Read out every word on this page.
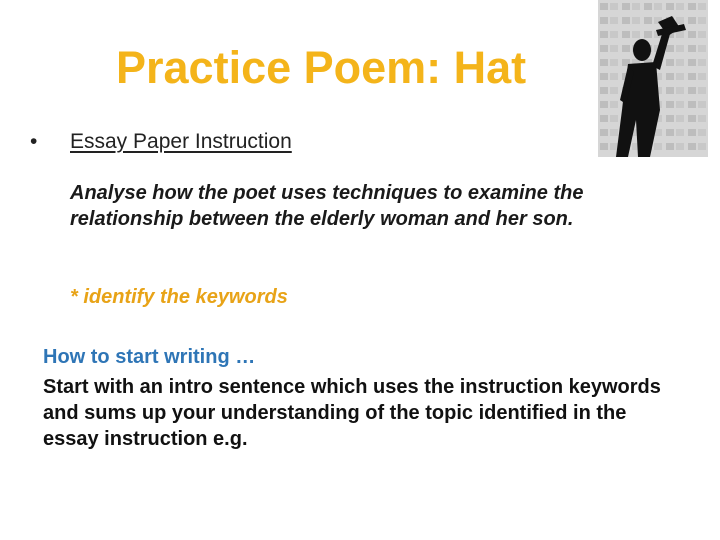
Practice Poem: Hat
• Essay Paper Instruction
Analyse how the poet uses techniques to examine the relationship between the elderly woman and her son.
* identify the keywords
How to start writing …
Start with an intro sentence which uses the instruction keywords and sums up your understanding of the topic identified in the essay instruction e.g.
